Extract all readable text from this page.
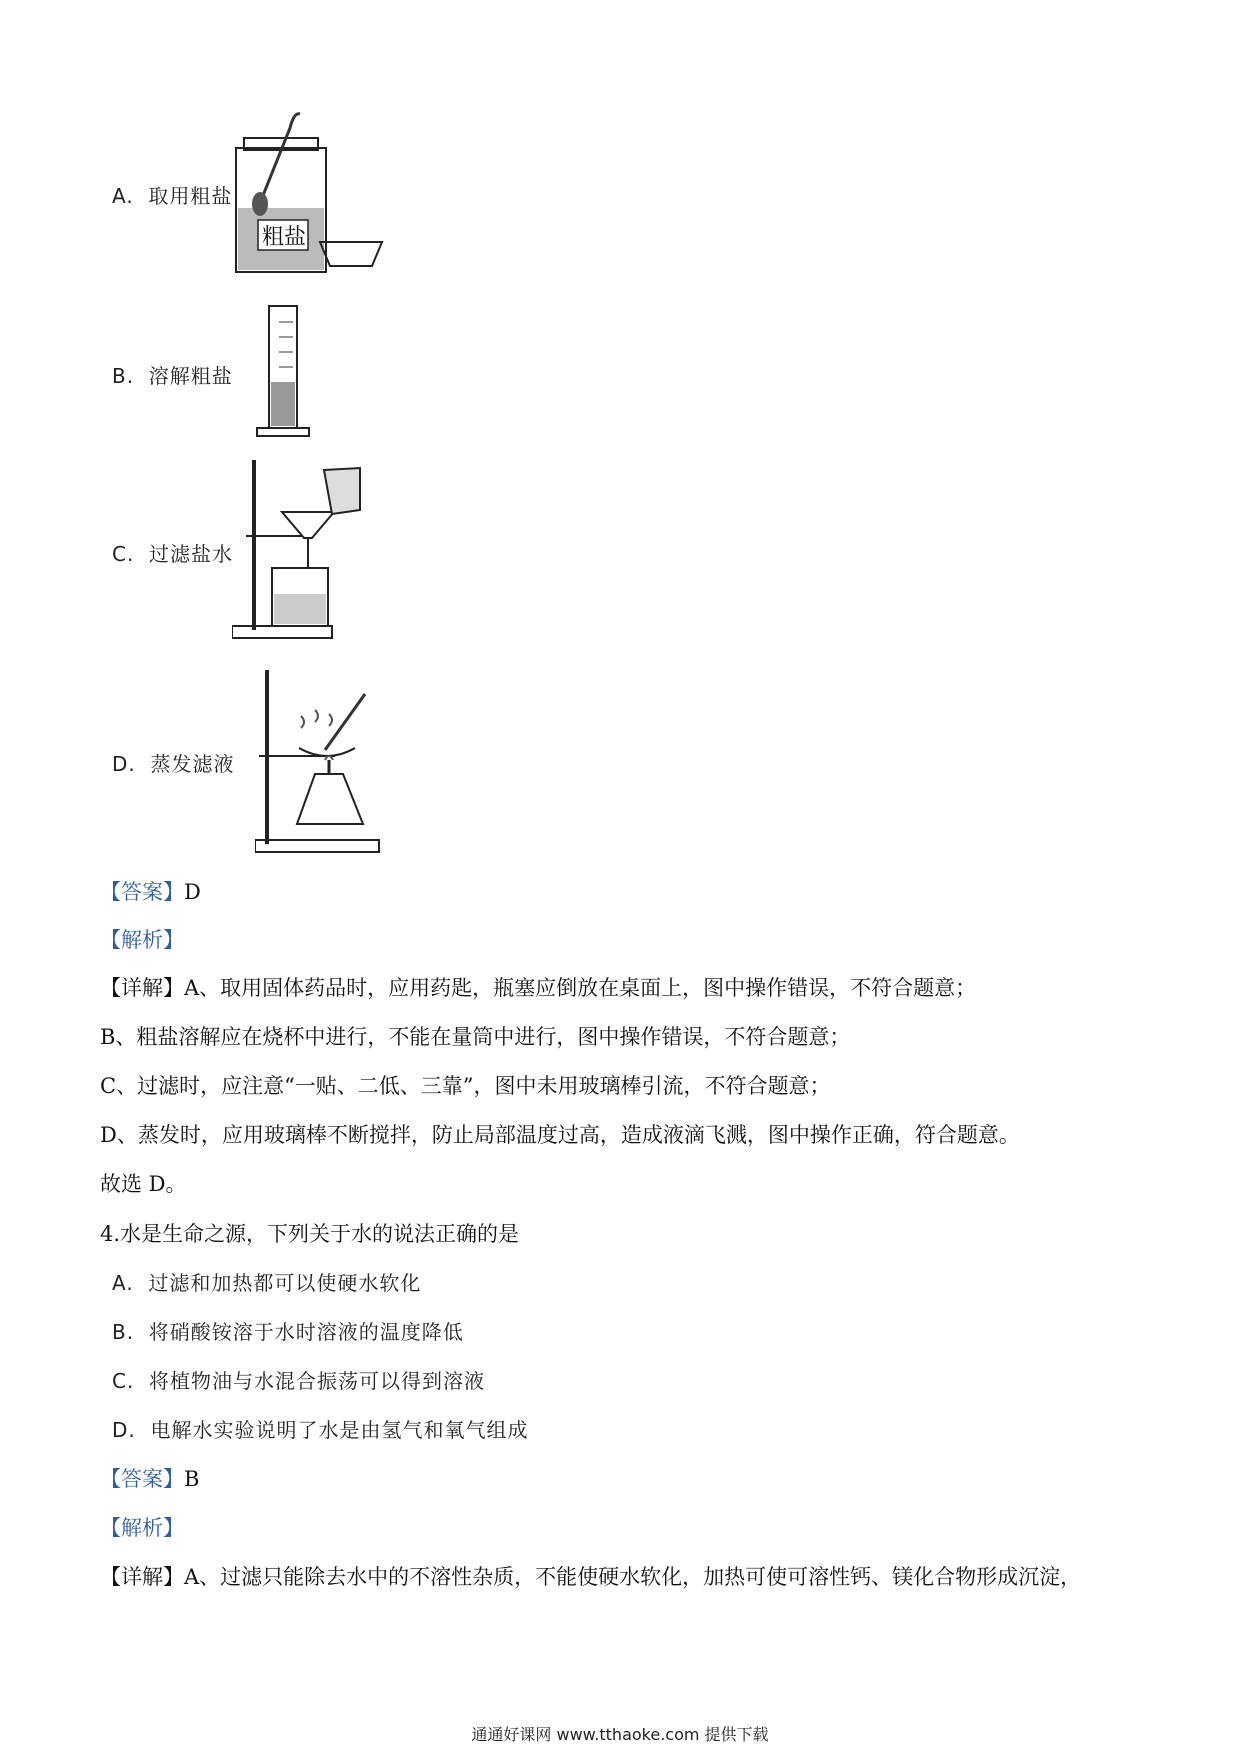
A. 取用粗盐
粗盐
B. 溶解粗盐
C. 过滤盐水
D. 蒸发滤液
【答案】D
【解析】
【详解】A、取用固体药品时，应用药匙，瓶塞应倒放在桌面上，图中操作错误，不符合题意；
B、粗盐溶解应在烧杯中进行，不能在量筒中进行，图中操作错误，不符合题意；
C、过滤时，应注意“一贴、二低、三靠”，图中未用玻璃棒引流，不符合题意；
D、蒸发时，应用玻璃棒不断搅拌，防止局部温度过高，造成液滴飞溅，图中操作正确，符合题意。
故选 D。
4.水是生命之源，下列关于水的说法正确的是
A. 过滤和加热都可以使硬水软化
B. 将硝酸铵溶于水时溶液的温度降低
C. 将植物油与水混合振荡可以得到溶液
D. 电解水实验说明了水是由氢气和氧气组成
【答案】B
【解析】
【详解】A、过滤只能除去水中的不溶性杂质，不能使硬水软化，加热可使可溶性钙、镁化合物形成沉淀，
通通好课网 www.tthaoke.com 提供下载
